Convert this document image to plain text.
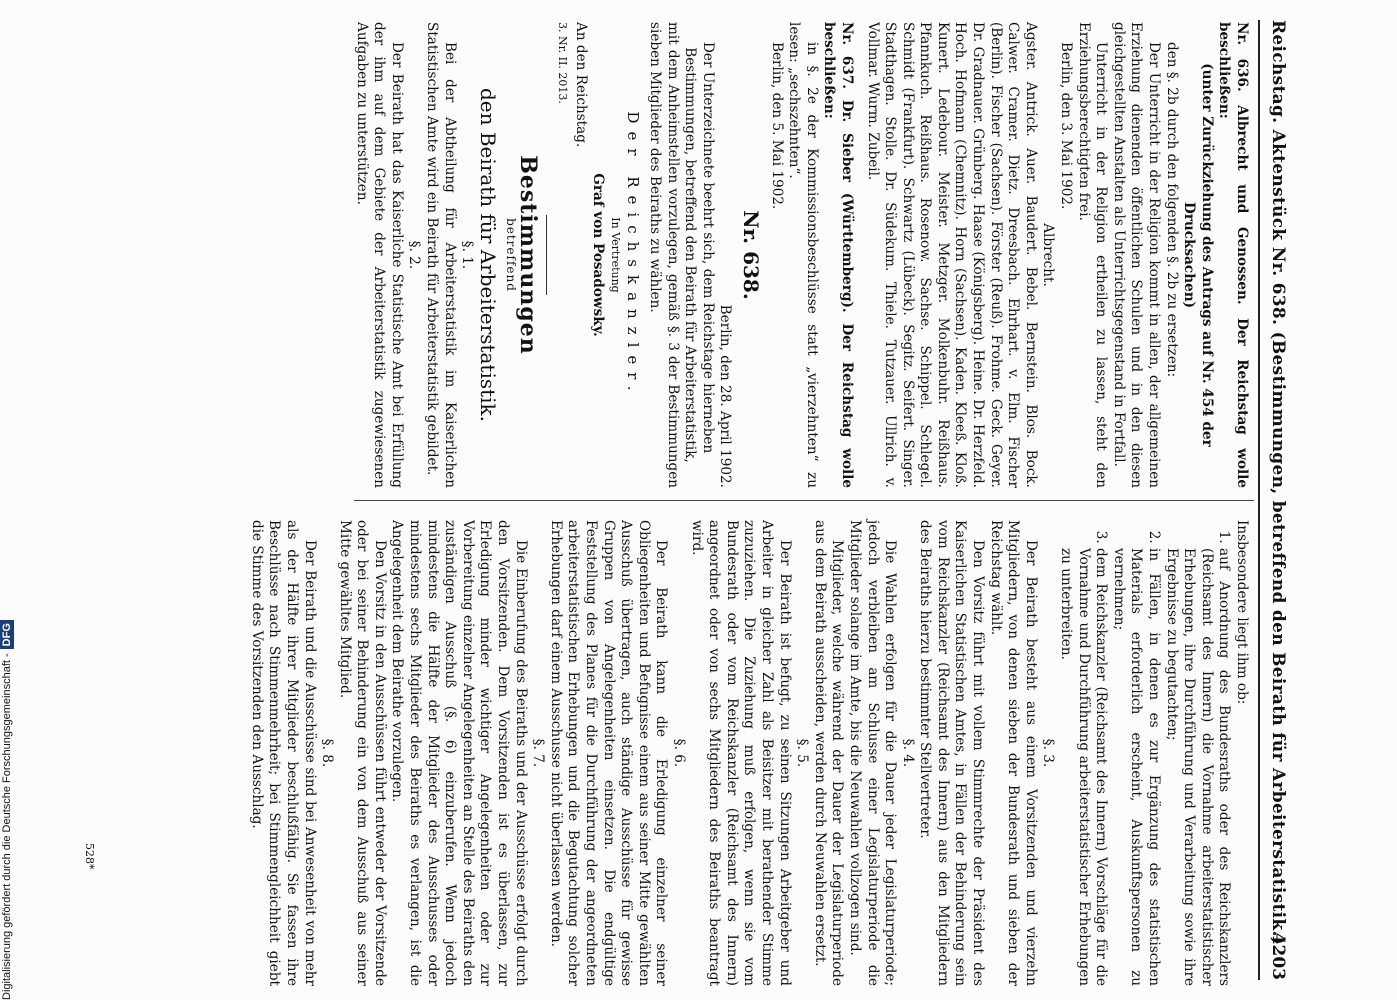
Reichstag. Aktenstück Nr. 638. (Bestimmungen, betreffend den Beirath für Arbeiterstatistik.)
4203

Nr. 636. Albrecht und Genossen. Der Reichstag wolle beschließen:

(unter Zurückziehung des Antrags auf Nr. 454 der Drucksachen)

den §. 2b durch den folgenden §. 2b zu ersetzen:

Der Unterricht in der Religion kommt in allen, der allgemeinen Erziehung dienenden öffentlichen Schulen und in den diesen gleichgestellten Anstalten als Unterrichtsgegenstand in Fortfall.

Unterricht in der Religion ertheilen zu lassen, steht den Erziehungsberechtigten frei.

Berlin, den 3. Mai 1902.

Albrecht.

Agster. Antrick. Auer. Baudert. Bebel. Bernstein. Blos. Bock. Calwer. Cramer. Dietz. Dreesbach. Ehrhart. v. Elm. Fischer (Berlin). Fischer (Sachsen). Förster (Reuß). Frohme. Geck. Geyer. Dr. Gradnauer. Grünberg. Haase (Königsberg). Heine. Dr. Herzfeld. Hoch. Hofmann (Chemnitz). Horn (Sachsen). Kaden. Kleeß. Kloß. Kunert. Ledebour. Meister. Metzger. Molkenbuhr. Reißhaus. Pfannkuch. Reißhaus. Rosenow. Sachse. Schippel. Schlegel. Schmidt (Frankfurt). Schwartz (Lübeck). Segitz. Seifert. Singer. Stadthagen. Stolle. Dr. Südekum. Thiele. Tutzauer. Ullrich. v. Vollmar. Wurm. Zubeil.

Nr. 637. Dr. Sieber (Württemberg). Der Reichstag wolle beschließen:

in §. 2e der Kommissionsbeschlüsse statt „vierzehnten“ zu lesen: „sechszehnten“.

Berlin, den 5. Mai 1902.

Nr. 638.

Berlin, den 28. April 1902.

Der Unterzeichnete beehrt sich, dem Reichstage hierneben

Bestimmungen, betreffend den Beirath für Arbeiterstatistik,

mit dem Anheimstellen vorzulegen, gemäß §. 3 der Bestimmungen sieben Mitglieder des Beiraths zu wählen.

Der Reichskanzler.

In Vertretung

Graf von Posadowsky.

An den Reichstag.

3. Nr. II. 2013.

Bestimmungen
betreffend
den Beirath für Arbeiterstatistik.

§. 1.

Bei der Abtheilung für Arbeiterstatistik im Kaiserlichen Statistischen Amte wird ein Beirath für Arbeiterstatistik gebildet.

§. 2.

Der Beirath hat das Kaiserliche Statistische Amt bei Erfüllung der ihm auf dem Gebiete der Arbeiterstatistik zugewiesenen Aufgaben zu unterstützen.

Insbesondere liegt ihm ob:

1. auf Anordnung des Bundesraths oder des Reichskanzlers (Reichsamt des Innern) die Vornahme arbeiterstatistischer Erhebungen, ihre Durchführung und Verarbeitung sowie ihre Ergebnisse zu begutachten;
2. in Fällen, in denen es zur Ergänzung des statistischen Materials erforderlich erscheint, Auskunftspersonen zu vernehmen;
3. dem Reichskanzler (Reichsamt des Innern) Vorschläge für die Vornahme und Durchführung arbeiterstatistischer Erhebungen zu unterbreiten.

§. 3.

Der Beirath besteht aus einem Vorsitzenden und vierzehn Mitgliedern, von denen sieben der Bundesrath und sieben der Reichstag wählt.

Den Vorsitz führt mit vollem Stimmrechte der Präsident des Kaiserlichen Statistischen Amtes, in Fällen der Behinderung sein vom Reichskanzler (Reichsamt des Innern) aus den Mitgliedern des Beiraths hierzu bestimmter Stellvertreter.

§. 4.

Die Wahlen erfolgen für die Dauer jeder Legislaturperiode; jedoch verbleiben am Schlusse einer Legislaturperiode die Mitglieder solange im Amte, bis die Neuwahlen vollzogen sind.

Mitglieder, welche während der Dauer der Legislaturperiode aus dem Beirath ausscheiden, werden durch Neuwahlen ersetzt.

§. 5.

Der Beirath ist befugt, zu seinen Sitzungen Arbeitgeber und Arbeiter in gleicher Zahl als Beisitzer mit berathender Stimme zuzuziehen. Die Zuziehung muß erfolgen, wenn sie vom Bundesrath oder vom Reichskanzler (Reichsamt des Innern) angeordnet oder von sechs Mitgliedern des Beiraths beantragt wird.

§. 6.

Der Beirath kann die Erledigung einzelner seiner Obliegenheiten und Befugnisse einem aus seiner Mitte gewählten Ausschuß übertragen, auch ständige Ausschüsse für gewisse Gruppen von Angelegenheiten einsetzen. Die endgültige Feststellung des Planes für die Durchführung der angeordneten arbeiterstatistischen Erhebungen und die Begutachtung solcher Erhebungen darf einem Ausschusse nicht überlassen werden.

§. 7.

Die Einberufung des Beiraths und der Ausschüsse erfolgt durch den Vorsitzenden. Dem Vorsitzenden ist es überlassen, zur Erledigung minder wichtiger Angelegenheiten oder zur Vorbereitung einzelner Angelegenheiten an Stelle des Beiraths den zuständigen Ausschuß (§. 6) einzuberufen. Wenn jedoch mindestens die Hälfte der Mitglieder des Ausschusses oder mindestens sechs Mitglieder des Beiraths es verlangen, ist die Angelegenheit dem Beirathe vorzulegen.

Den Vorsitz in den Ausschüssen führt entweder der Vorsitzende oder bei seiner Behinderung ein von dem Ausschuß aus seiner Mitte gewähltes Mitglied.

§. 8.

Der Beirath und die Ausschüsse sind bei Anwesenheit von mehr als der Hälfte ihrer Mitglieder beschlußfähig. Sie fassen ihre Beschlüsse nach Stimmenmehrheit; bei Stimmengleichheit giebt die Stimme des Vorsitzenden den Ausschlag.

528*
Digitalisierung gefördert durch die Deutsche Forschungsgemeinschaft -DFG
